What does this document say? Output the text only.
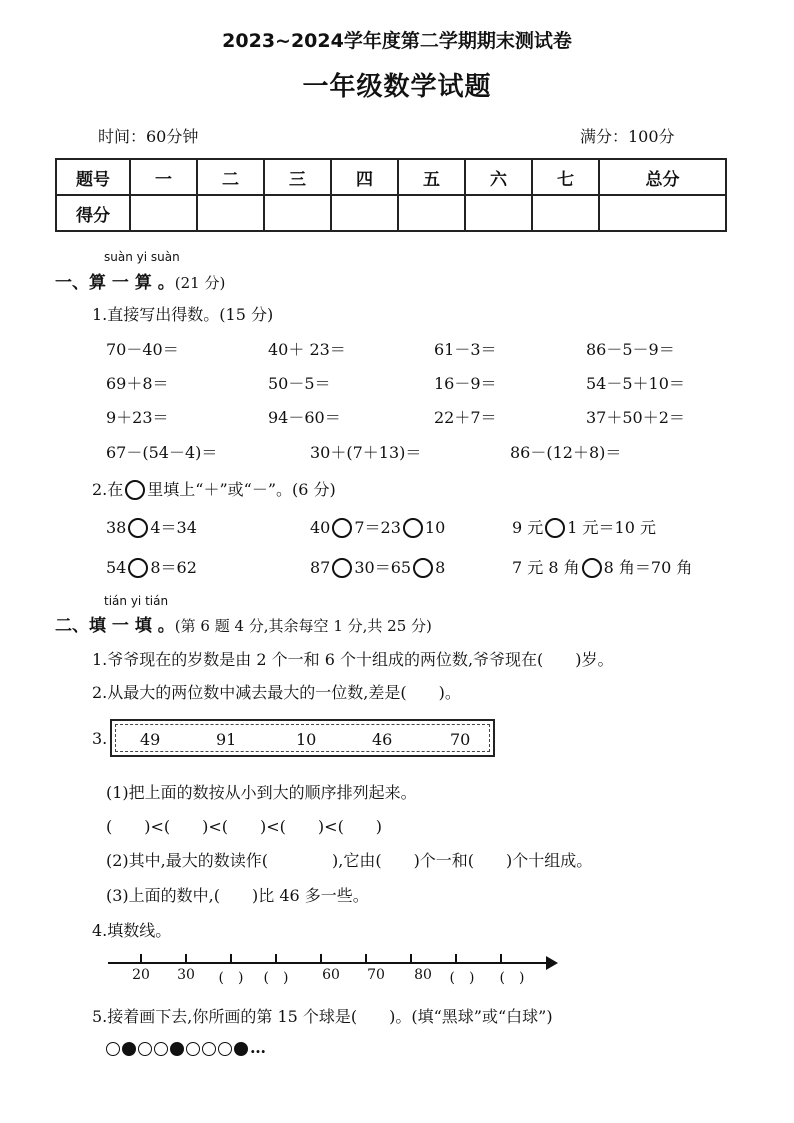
2023~2024学年度第二学期期末测试卷
一年级数学试题
时间：60分钟	满分：100分
题号	一	二	三	四	五	六	七	总分
得分								
suàn yi suàn
一、算 一 算 。(21 分)
1.直接写出得数。(15 分)
70－40＝	40＋ 23＝	61－3＝	86－5－9＝
69＋8＝	50－5＝	16－9＝	54－5＋10＝
9＋23＝	94－60＝	22＋7＝	37＋50＋2＝
67－(54－4)＝	30＋(7＋13)＝	86－(12＋8)＝
2.在 里填上“＋”或“－”。(6 分)
38 4＝34	40 7＝23 10	9 元 1 元＝10 元
54 8＝62	87 30＝65 8	7 元 8 角 8 角＝70 角
tián yi tián
二、填 一 填 。(第 6 题 4 分,其余每空 1 分,共 25 分)
1.爷爷现在的岁数是由 2 个一和 6 个十组成的两位数,爷爷现在(　　)岁。
2.从最大的两位数中减去最大的一位数,差是(　　)。
3. 49	91	10	46	70
(1)把上面的数按从小到大的顺序排列起来。
(　　)<(　　)<(　　)<(　　)<(　　)
(2)其中,最大的数读作(　　　　),它由(　　)个一和(　　)个十组成。
(3)上面的数中,(　　)比 46 多一些。
4.填数线。
20 30 (　) (　) 60 70 80 (　) (　)
5.接着画下去,你所画的第 15 个球是(　　)。(填“黑球”或“白球”)
…
